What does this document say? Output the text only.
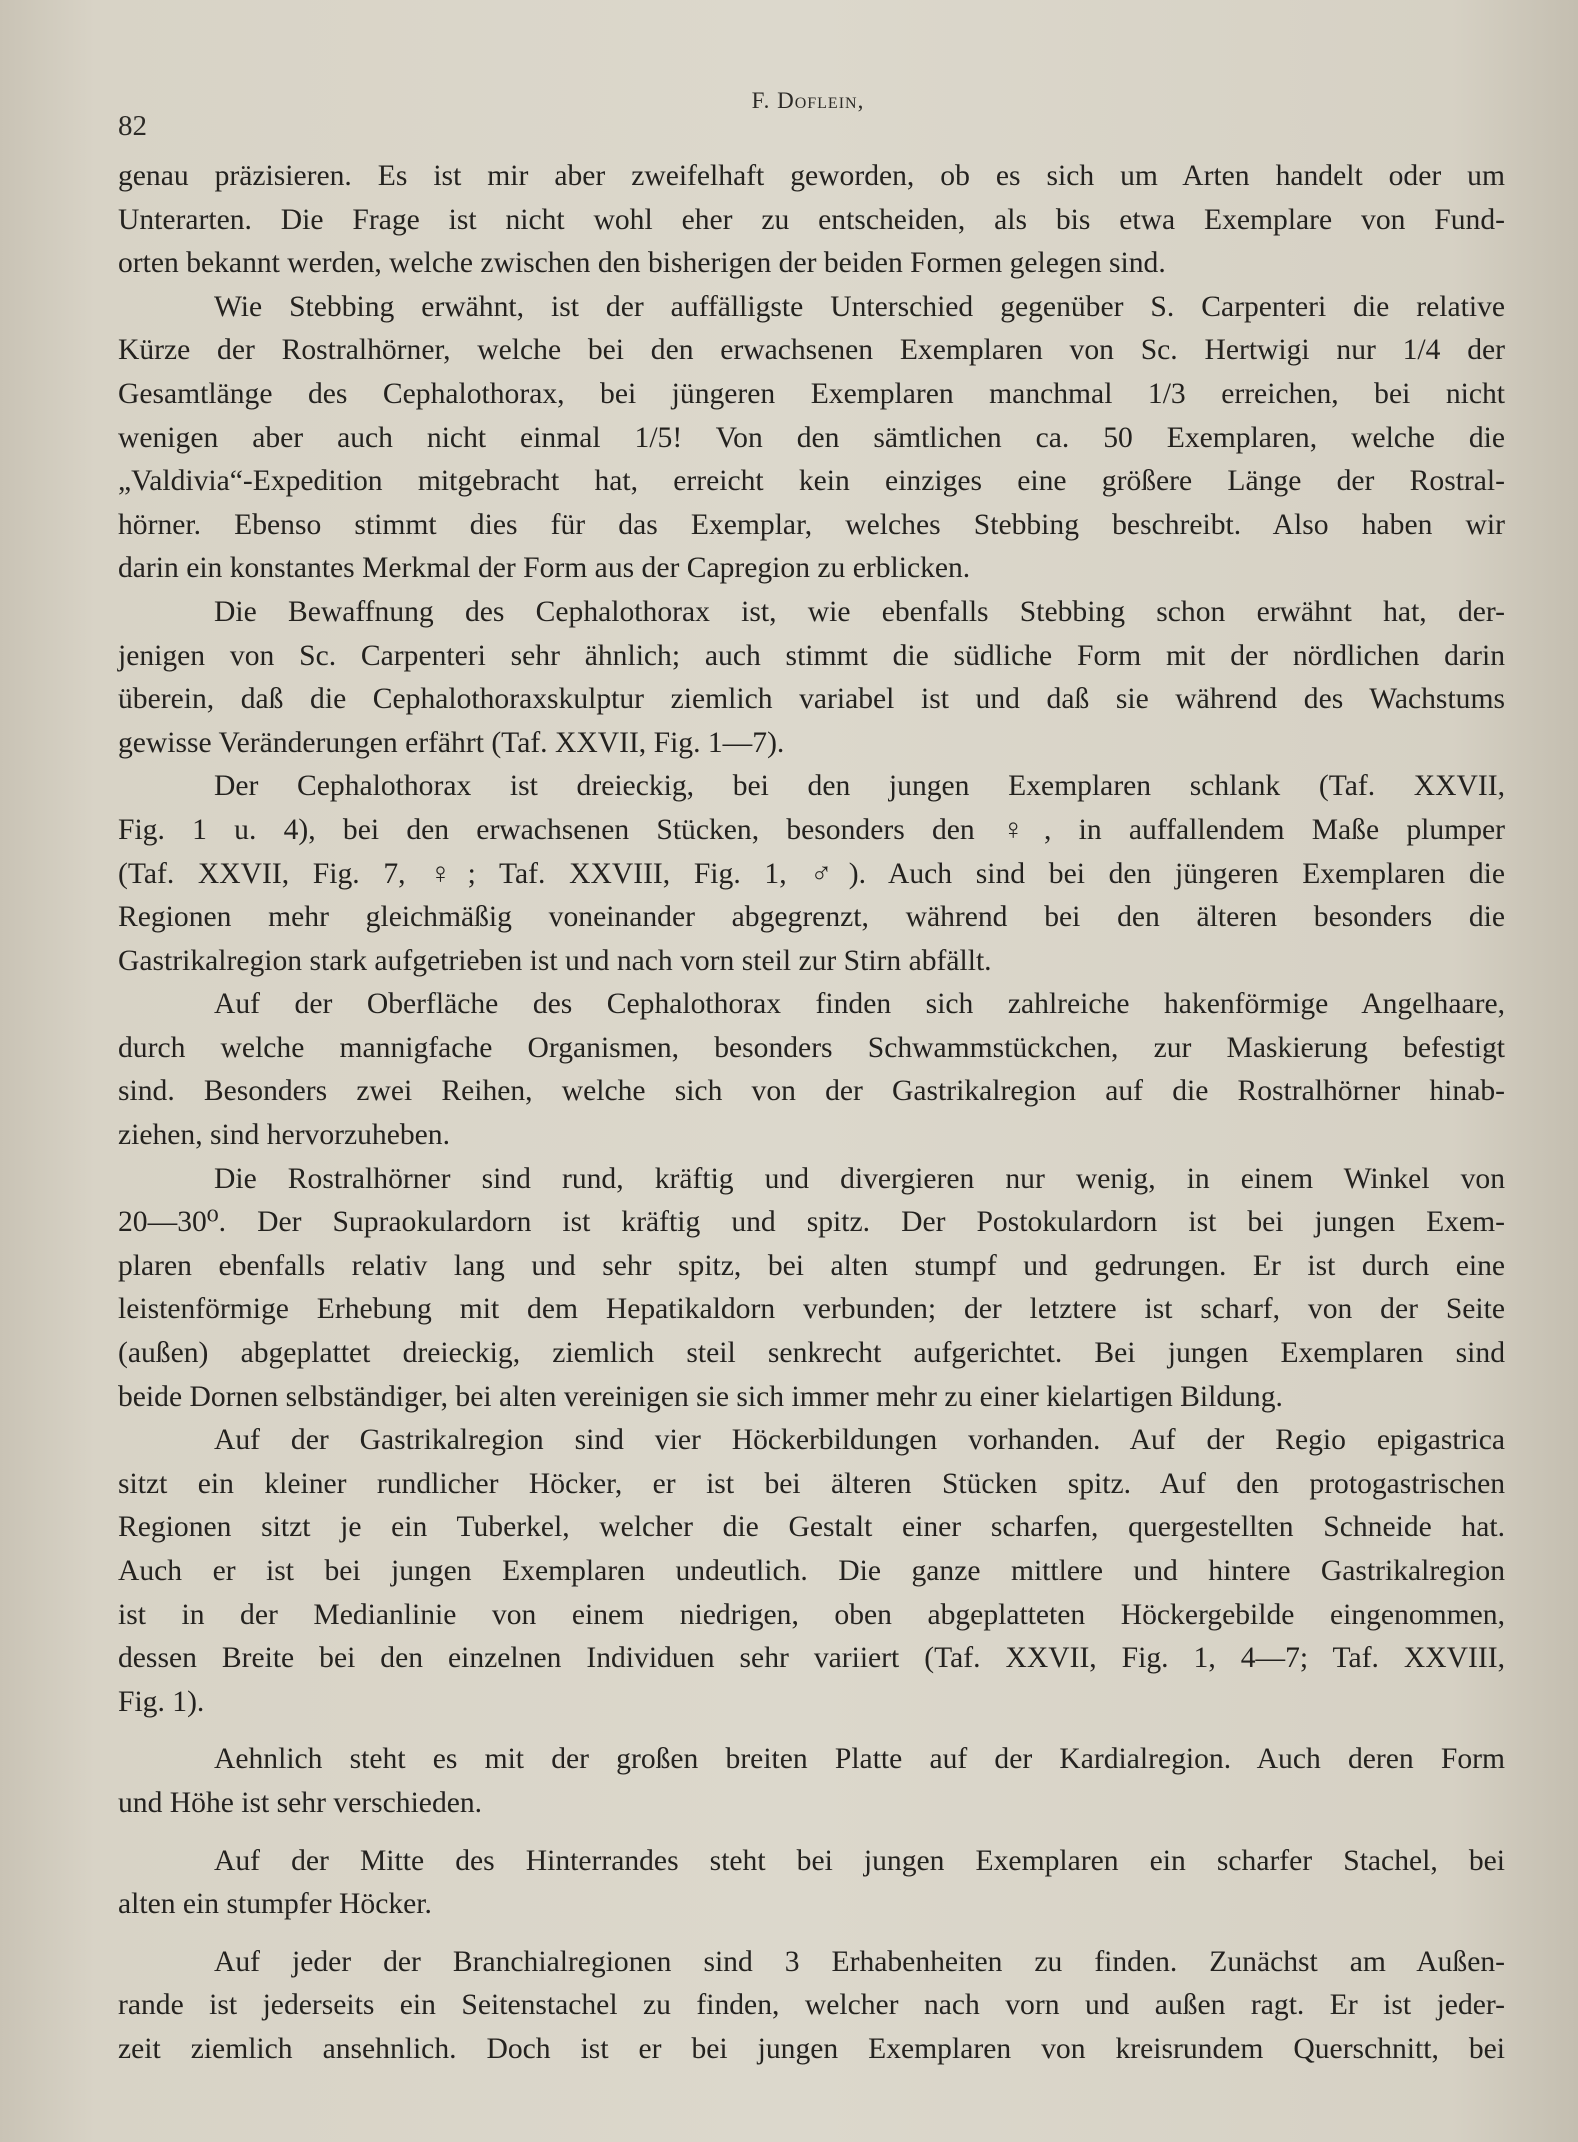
82
F. Doflein,

genau präzisieren. Es ist mir aber zweifelhaft geworden, ob es sich um Arten handelt oder um
Unterarten. Die Frage ist nicht wohl eher zu entscheiden, als bis etwa Exemplare von Fund-
orten bekannt werden, welche zwischen den bisherigen der beiden Formen gelegen sind.

Wie Stebbing erwähnt, ist der auffälligste Unterschied gegenüber S. Carpenteri die relative
Kürze der Rostralhörner, welche bei den erwachsenen Exemplaren von Sc. Hertwigi nur 1/4 der
Gesamtlänge des Cephalothorax, bei jüngeren Exemplaren manchmal 1/3 erreichen, bei nicht
wenigen aber auch nicht einmal 1/5! Von den sämtlichen ca. 50 Exemplaren, welche die
„Valdivia“-Expedition mitgebracht hat, erreicht kein einziges eine größere Länge der Rostral-
hörner. Ebenso stimmt dies für das Exemplar, welches Stebbing beschreibt. Also haben wir
darin ein konstantes Merkmal der Form aus der Capregion zu erblicken.

Die Bewaffnung des Cephalothorax ist, wie ebenfalls Stebbing schon erwähnt hat, der-
jenigen von Sc. Carpenteri sehr ähnlich; auch stimmt die südliche Form mit der nördlichen darin
überein, daß die Cephalothoraxskulptur ziemlich variabel ist und daß sie während des Wachstums
gewisse Veränderungen erfährt (Taf. XXVII, Fig. 1—7).

Der Cephalothorax ist dreieckig, bei den jungen Exemplaren schlank (Taf. XXVII,
Fig. 1 u. 4), bei den erwachsenen Stücken, besonders den ♀, in auffallendem Maße plumper
(Taf. XXVII, Fig. 7, ♀; Taf. XXVIII, Fig. 1, ♂). Auch sind bei den jüngeren Exemplaren die
Regionen mehr gleichmäßig voneinander abgegrenzt, während bei den älteren besonders die
Gastrikalregion stark aufgetrieben ist und nach vorn steil zur Stirn abfällt.

Auf der Oberfläche des Cephalothorax finden sich zahlreiche hakenförmige Angelhaare,
durch welche mannigfache Organismen, besonders Schwammstückchen, zur Maskierung befestigt
sind. Besonders zwei Reihen, welche sich von der Gastrikalregion auf die Rostralhörner hinab-
ziehen, sind hervorzuheben.

Die Rostralhörner sind rund, kräftig und divergieren nur wenig, in einem Winkel von
20—30⁰. Der Supraokulardorn ist kräftig und spitz. Der Postokulardorn ist bei jungen Exem-
plaren ebenfalls relativ lang und sehr spitz, bei alten stumpf und gedrungen. Er ist durch eine
leistenförmige Erhebung mit dem Hepatikaldorn verbunden; der letztere ist scharf, von der Seite
(außen) abgeplattet dreieckig, ziemlich steil senkrecht aufgerichtet. Bei jungen Exemplaren sind
beide Dornen selbständiger, bei alten vereinigen sie sich immer mehr zu einer kielartigen Bildung.

Auf der Gastrikalregion sind vier Höckerbildungen vorhanden. Auf der Regio epigastrica
sitzt ein kleiner rundlicher Höcker, er ist bei älteren Stücken spitz. Auf den protogastrischen
Regionen sitzt je ein Tuberkel, welcher die Gestalt einer scharfen, quergestellten Schneide hat.
Auch er ist bei jungen Exemplaren undeutlich. Die ganze mittlere und hintere Gastrikalregion
ist in der Medianlinie von einem niedrigen, oben abgeplatteten Höckergebilde eingenommen,
dessen Breite bei den einzelnen Individuen sehr variiert (Taf. XXVII, Fig. 1, 4—7; Taf. XXVIII,
Fig. 1).

Aehnlich steht es mit der großen breiten Platte auf der Kardialregion. Auch deren Form
und Höhe ist sehr verschieden.

Auf der Mitte des Hinterrandes steht bei jungen Exemplaren ein scharfer Stachel, bei
alten ein stumpfer Höcker.

Auf jeder der Branchialregionen sind 3 Erhabenheiten zu finden. Zunächst am Außen-
rande ist jederseits ein Seitenstachel zu finden, welcher nach vorn und außen ragt. Er ist jeder-
zeit ziemlich ansehnlich. Doch ist er bei jungen Exemplaren von kreisrundem Querschnitt, bei
